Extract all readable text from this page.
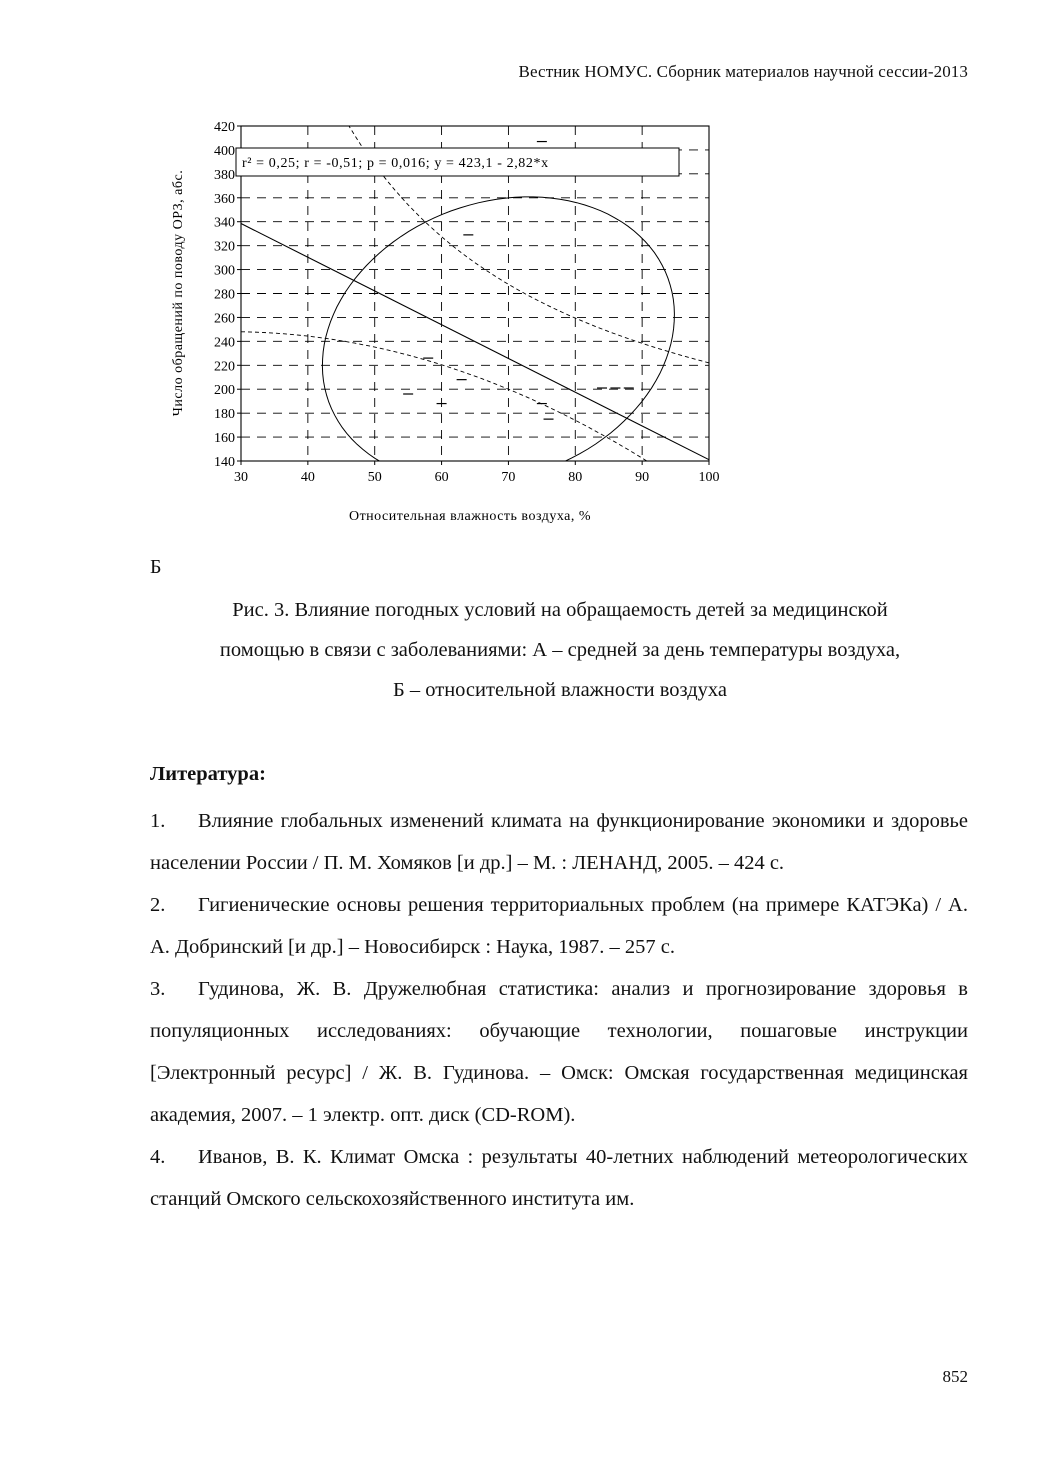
Вестник НОМУС. Сборник материалов научной сессии-2013
30	40	50	60	70	80	90	100
140
160
180
200
220
240
260
280
300
320
340
360
380
400
420
r² = 0,25; r = -0,51; p = 0,016; y = 423,1 - 2,82*x
Относительная влажность воздуха, %
Число обращений по поводу ОРЗ, абс.
Б
Рис. 3. Влияние погодных условий на обращаемость детей за медицинской
помощью в связи с заболеваниями: А – средней за день температуры воздуха,
Б – относительной влажности воздуха
Литература:

1. Влияние глобальных изменений климата на функционирование экономики и здоровье населении России / П. М. Хомяков [и др.] – М. : ЛЕНАНД, 2005. – 424 с.

2. Гигиенические основы решения территориальных проблем (на примере КАТЭКа) / А. А. Добринский [и др.] – Новосибирск : Наука, 1987. – 257 с.

3. Гудинова, Ж. В. Дружелюбная статистика: анализ и прогнозирование здоровья в популяционных исследованиях: обучающие технологии, пошаговые инструкции [Электронный ресурс] / Ж. В. Гудинова. – Омск: Омская государственная медицинская академия, 2007. – 1 электр. опт. диск (CD-ROM).

4. Иванов, В. К. Климат Омска : результаты 40-летних наблюдений метеорологических станций Омского сельскохозяйственного института им.

852
